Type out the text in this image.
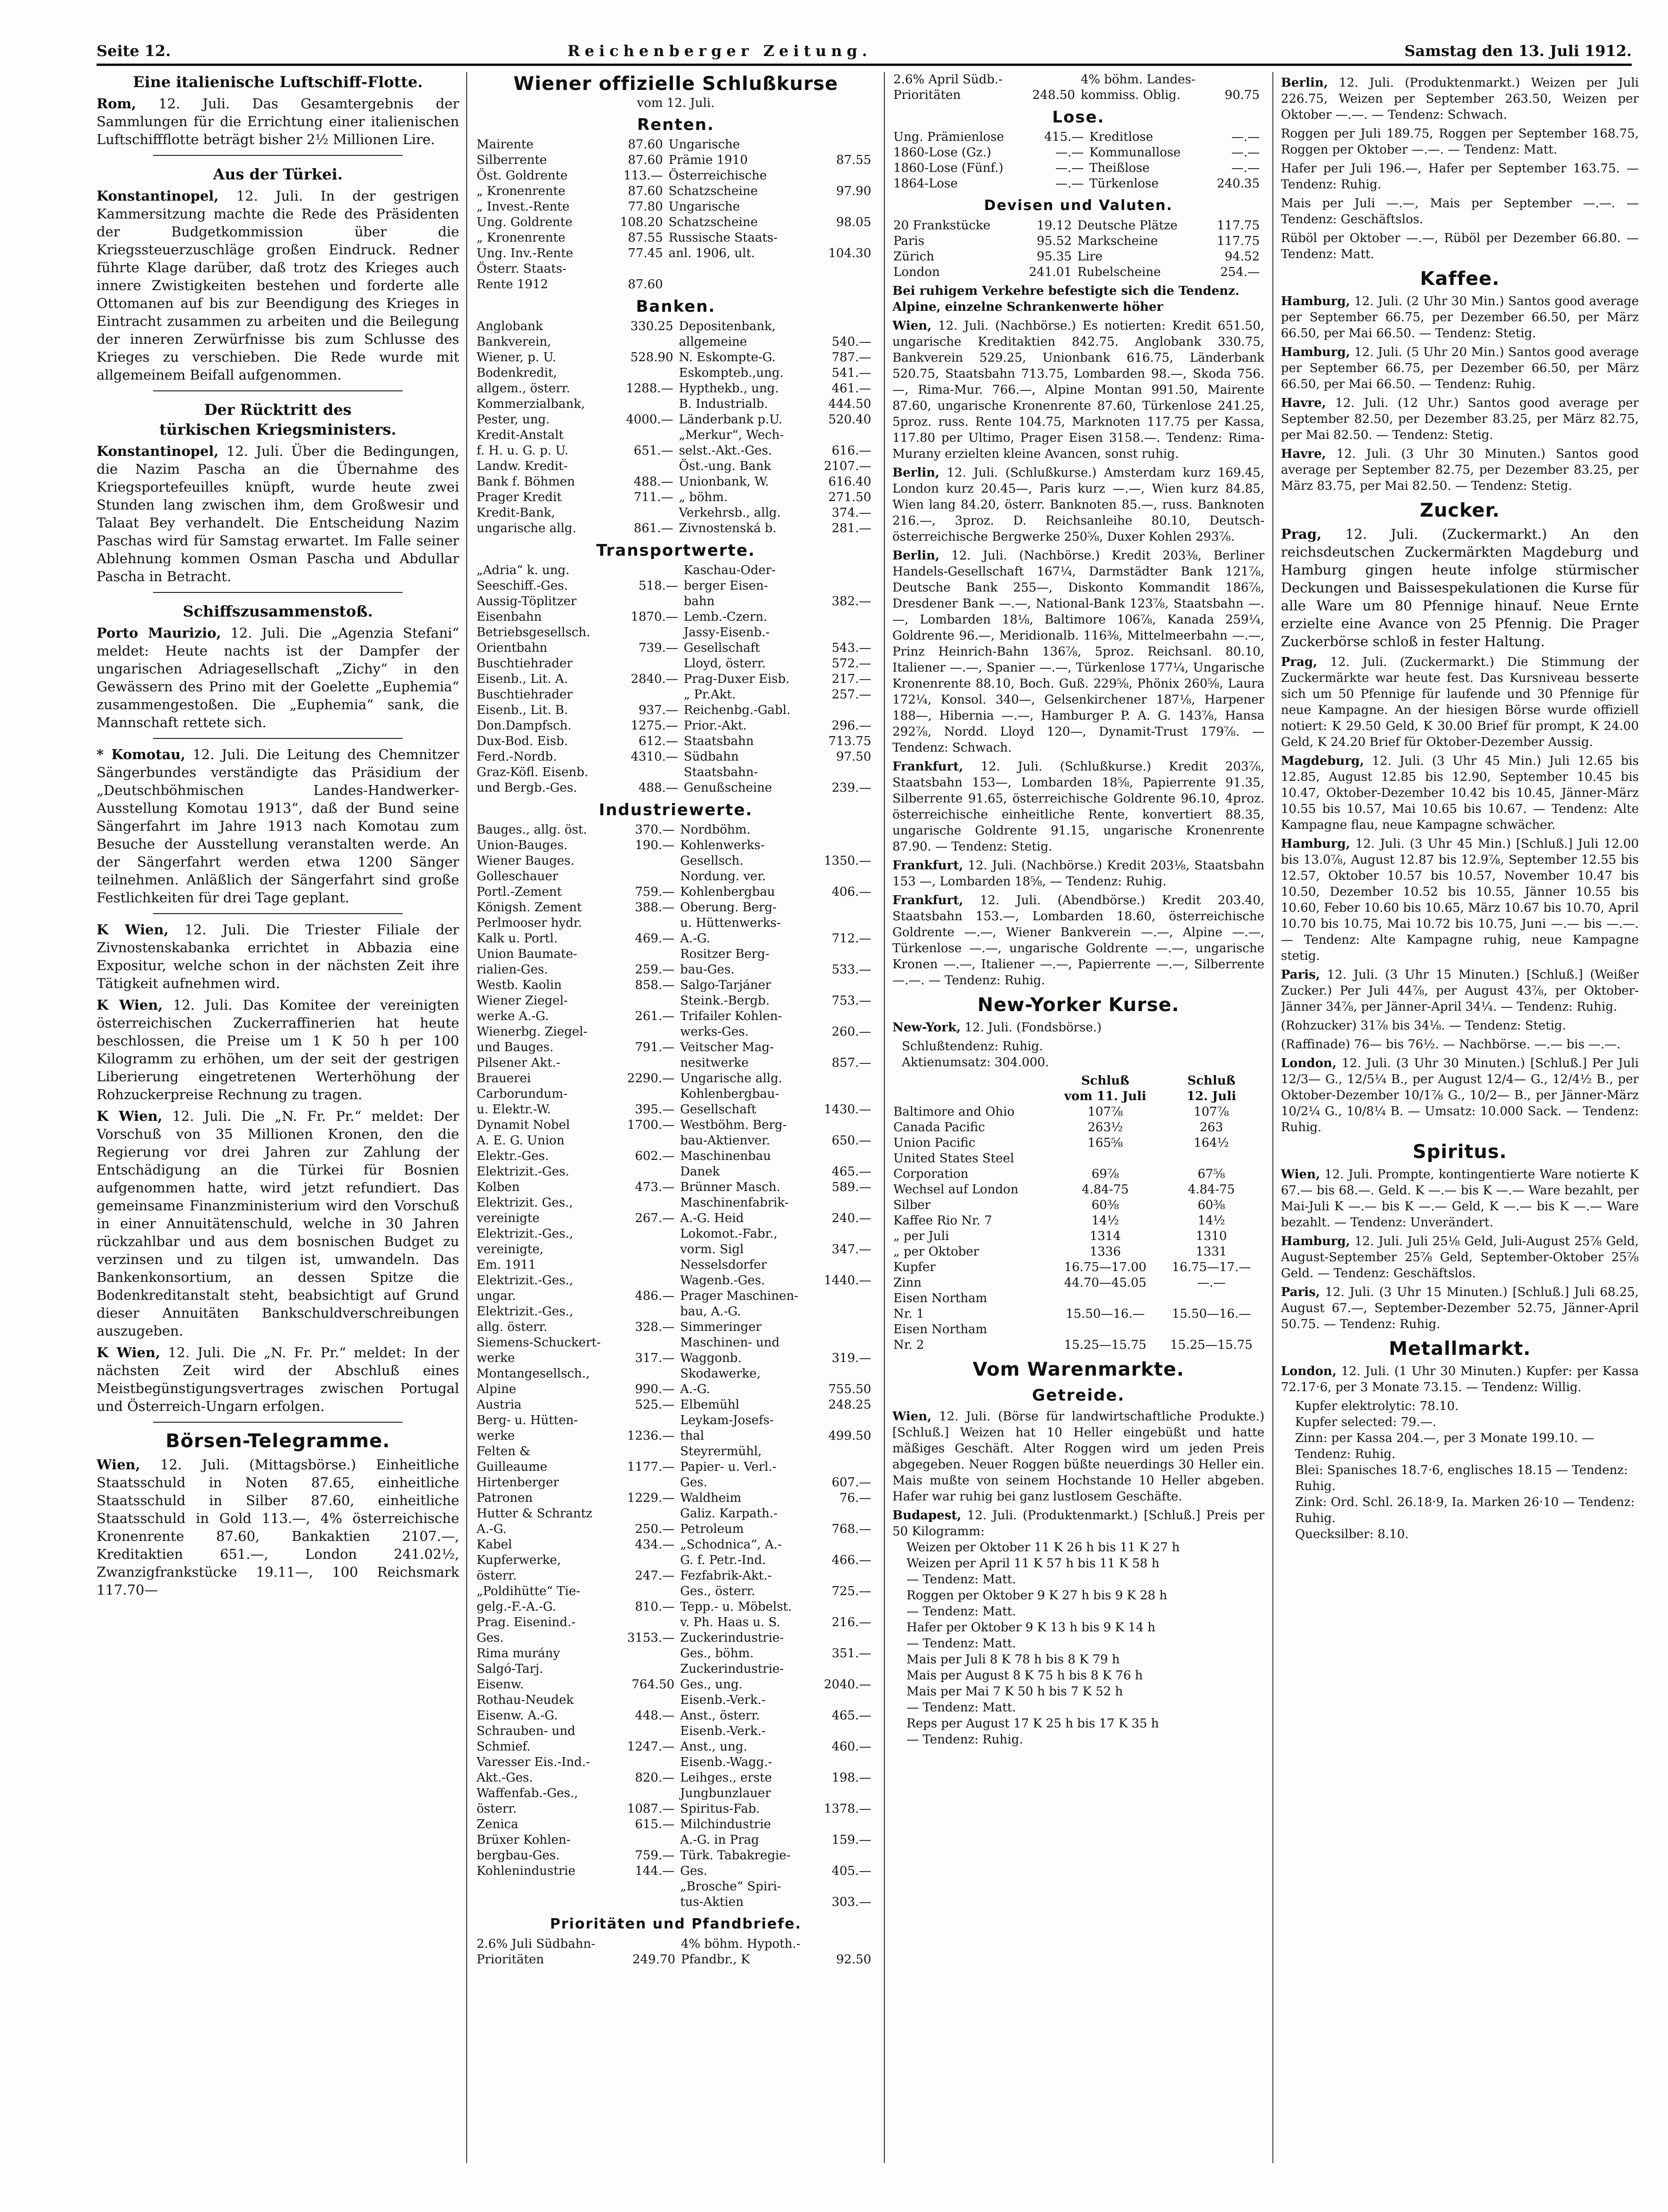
Seite 12.	Reichenberger Zeitung.	Samstag den 13. Juli 1912.
Eine italienische Luftschiff-Flotte.
Rom, 12. Juli. Das Gesamtergebnis der Sammlungen für die Errichtung einer italienischen Luftschiffflotte beträgt bisher 2½ Millionen Lire.
Aus der Türkei.
Konstantinopel, 12. Juli. In der gestrigen Kammersitzung machte die Rede des Präsidenten der Budgetkommission über die Kriegssteuerzuschläge großen Eindruck. Redner führte Klage darüber, daß trotz des Krieges auch innere Zwistigkeiten bestehen und forderte alle Ottomanen auf bis zur Beendigung des Krieges in Eintracht zusammen zu arbeiten und die Beilegung der inneren Zerwürfnisse bis zum Schlusse des Krieges zu verschieben. Die Rede wurde mit allgemeinem Beifall aufgenommen.
Der Rücktritt des
türkischen Kriegsministers.
Konstantinopel, 12. Juli. Über die Bedingungen, die Nazim Pascha an die Übernahme des Kriegsportefeuilles knüpft, wurde heute zwei Stunden lang zwischen ihm, dem Großwesir und Talaat Bey verhandelt. Die Entscheidung Nazim Paschas wird für Samstag erwartet. Im Falle seiner Ablehnung kommen Osman Pascha und Abdullar Pascha in Betracht.
Schiffszusammenstoß.
Porto Maurizio, 12. Juli. Die „Agenzia Stefani“ meldet: Heute nachts ist der Dampfer der ungarischen Adriagesellschaft „Zichy“ in den Gewässern des Prino mit der Goelette „Euphemia“ zusammengestoßen. Die „Euphemia“ sank, die Mannschaft rettete sich.
* Komotau, 12. Juli. Die Leitung des Chemnitzer Sängerbundes verständigte das Präsidium der „Deutschböhmischen Landes-Handwerker-Ausstellung Komotau 1913“, daß der Bund seine Sängerfahrt im Jahre 1913 nach Komotau zum Besuche der Ausstellung veranstalten werde. An der Sängerfahrt werden etwa 1200 Sänger teilnehmen. Anläßlich der Sängerfahrt sind große Festlichkeiten für drei Tage geplant.
K Wien, 12. Juli. Die Triester Filiale der Zivnostenskabanka errichtet in Abbazia eine Expositur, welche schon in der nächsten Zeit ihre Tätigkeit aufnehmen wird.
K Wien, 12. Juli. Das Komitee der vereinigten österreichischen Zuckerraffinerien hat heute beschlossen, die Preise um 1 K 50 h per 100 Kilogramm zu erhöhen, um der seit der gestrigen Liberierung eingetretenen Werterhöhung der Rohzuckerpreise Rechnung zu tragen.
K Wien, 12. Juli. Die „N. Fr. Pr.“ meldet: Der Vorschuß von 35 Millionen Kronen, den die Regierung vor drei Jahren zur Zahlung der Entschädigung an die Türkei für Bosnien aufgenommen hatte, wird jetzt refundiert. Das gemeinsame Finanzministerium wird den Vorschuß in einer Annuitätenschuld, welche in 30 Jahren rückzahlbar und aus dem bosnischen Budget zu verzinsen und zu tilgen ist, umwandeln. Das Bankenkonsortium, an dessen Spitze die Bodenkreditanstalt steht, beabsichtigt auf Grund dieser Annuitäten Bankschuldverschreibungen auszugeben.
K Wien, 12. Juli. Die „N. Fr. Pr.“ meldet: In der nächsten Zeit wird der Abschluß eines Meistbegünstigungsvertrages zwischen Portugal und Österreich-Ungarn erfolgen.
Börsen-Telegramme.
Wien, 12. Juli. (Mittagsbörse.) Einheitliche Staatsschuld in Noten 87.65, einheitliche Staatsschuld in Silber 87.60, einheitliche Staatsschuld in Gold 113.—, 4% österreichische Kronenrente 87.60, Bankaktien 2107.—, Kreditaktien 651.—, London 241.02½, Zwanzigfrankstücke 19.11—, 100 Reichsmark 117.70—
Wiener offizielle Schlußkurse
vom 12. Juli.
Renten.
Mairente	87.60	Ungarische	
Silberrente	87.60	Prämie 1910	87.55
Öst. Goldrente	113.—	Österreichische	
„ Kronenrente	87.60	Schatzscheine	97.90
„ Invest.-Rente	77.80	Ungarische	
Ung. Goldrente	108.20	Schatzscheine	98.05
„ Kronenrente	87.55	Russische Staats-	
Ung. Inv.-Rente	77.45	anl. 1906, ult.	104.30
Österr. Staats-			
Rente 1912	87.60		
Banken.
Anglobank	330.25	Depositenbank,	
Bankverein,		allgemeine	540.—
Wiener, p. U.	528.90	N. Eskompte-G.	787.—
Bodenkredit,		Eskompteb.,ung.	541.—
allgem., österr.	1288.—	Hypthekb., ung.	461.—
Kommerzialbank,		B. Industrialb.	444.50
Pester, ung.	4000.—	Länderbank p.U.	520.40
Kredit-Anstalt		„Merkur“, Wech-	
f. H. u. G. p. U.	651.—	selst.-Akt.-Ges.	616.—
Landw. Kredit-		Öst.-ung. Bank	2107.—
Bank f. Böhmen	488.—	Unionbank, W.	616.40
Prager Kredit	711.—	„ böhm.	271.50
Kredit-Bank,		Verkehrsb., allg.	374.—
ungarische allg.	861.—	Zivnostenská b.	281.—
Transportwerte.
„Adria“ k. ung.		Kaschau-Oder-	
Seeschiff.-Ges.	518.—	berger Eisen-	
Aussig-Töplitzer		bahn	382.—
Eisenbahn	1870.—	Lemb.-Czern.	
Betriebsgesellsch.		Jassy-Eisenb.-	
Orientbahn	739.—	Gesellschaft	543.—
Buschtiehrader		Lloyd, österr.	572.—
Eisenb., Lit. A.	2840.—	Prag-Duxer Eisb.	217.—
Buschtiehrader		„ Pr.Akt.	257.—
Eisenb., Lit. B.	937.—	Reichenbg.-Gabl.	
Don.Dampfsch.	1275.—	Prior.-Akt.	296.—
Dux-Bod. Eisb.	612.—	Staatsbahn	713.75
Ferd.-Nordb.	4310.—	Südbahn	97.50
Graz-Köfl. Eisenb.		Staatsbahn-	
und Bergb.-Ges.	488.—	Genußscheine	239.—
Industriewerte.
Bauges., allg. öst.	370.—	Nordböhm.	
Union-Bauges.	190.—	Kohlenwerks-	
Wiener Bauges.		Gesellsch.	1350.—
Golleschauer		Nordung. ver.	
Portl.-Zement	759.—	Kohlenbergbau	406.—
Königsh. Zement	388.—	Oberung. Berg-	
Perlmooser hydr.		u. Hüttenwerks-	
Kalk u. Portl.	469.—	A.-G.	712.—
Union Baumate-		Rositzer Berg-	
rialien-Ges.	259.—	bau-Ges.	533.—
Westb. Kaolin	858.—	Salgo-Tarjáner	
Wiener Ziegel-		Steink.-Bergb.	753.—
werke A.-G.	261.—	Trifailer Kohlen-	
Wienerbg. Ziegel-		werks-Ges.	260.—
und Bauges.	791.—	Veitscher Mag-	
Pilsener Akt.-		nesitwerke	857.—
Brauerei	2290.—	Ungarische allg.	
Carborundum-		Kohlenbergbau-	
u. Elektr.-W.	395.—	Gesellschaft	1430.—
Dynamit Nobel	1700.—	Westböhm. Berg-	
A. E. G. Union		bau-Aktienver.	650.—
Elektr.-Ges.	602.—	Maschinenbau	
Elektrizit.-Ges.		Danek	465.—
Kolben	473.—	Brünner Masch.	589.—
Elektrizit. Ges.,		Maschinenfabrik-	
vereinigte	267.—	A.-G. Heid	240.—
Elektrizit.-Ges.,		Lokomot.-Fabr.,	
vereinigte,		vorm. Sigl	347.—
Em. 1911		Nesselsdorfer	
Elektrizit.-Ges.,		Wagenb.-Ges.	1440.—
ungar.	486.—	Prager Maschinen-	
Elektrizit.-Ges.,		bau, A.-G.	
allg. österr.	328.—	Simmeringer	
Siemens-Schuckert-		Maschinen- und	
werke	317.—	Waggonb.	319.—
Montangesellsch.,		Skodawerke,	
Alpine	990.—	A.-G.	755.50
Austria	525.—	Elbemühl	248.25
Berg- u. Hütten-		Leykam-Josefs-	
werke	1236.—	thal	499.50
Felten &		Steyrermühl,	
Guilleaume	1177.—	Papier- u. Verl.-	
Hirtenberger		Ges.	607.—
Patronen	1229.—	Waldheim	76.—
Hutter & Schrantz		Galiz. Karpath.-	
A.-G.	250.—	Petroleum	768.—
Kabel	434.—	„Schodnica“, A.-	
Kupferwerke,		G. f. Petr.-Ind.	466.—
österr.	247.—	Fezfabrik-Akt.-	
„Poldihütte“ Tie-		Ges., österr.	725.—
gelg.-F.-A.-G.	810.—	Tepp.- u. Möbelst.	
Prag. Eisenind.-		v. Ph. Haas u. S.	216.—
Ges.	3153.—	Zuckerindustrie-	
Rima murány		Ges., böhm.	351.—
Salgó-Tarj.		Zuckerindustrie-	
Eisenw.	764.50	Ges., ung.	2040.—
Rothau-Neudek		Eisenb.-Verk.-	
Eisenw. A.-G.	448.—	Anst., österr.	465.—
Schrauben- und		Eisenb.-Verk.-	
Schmief.	1247.—	Anst., ung.	460.—
Varesser Eis.-Ind.-		Eisenb.-Wagg.-	
Akt.-Ges.	820.—	Leihges., erste	198.—
Waffenfab.-Ges.,		Jungbunzlauer	
österr.	1087.—	Spiritus-Fab.	1378.—
Zenica	615.—	Milchindustrie	
Brüxer Kohlen-		A.-G. in Prag	159.—
bergbau-Ges.	759.—	Türk. Tabakregie-	
Kohlenindustrie	144.—	Ges.	405.—
		„Brosche“ Spiri-	
		tus-Aktien	303.—
Prioritäten und Pfandbriefe.
2.6% Juli Südbahn-		4% böhm. Hypoth.-	
Prioritäten	249.70	Pfandbr., K	92.50
2.6% April Südb.-		4% böhm. Landes-	
Prioritäten	248.50	kommiss. Oblig.	90.75
Lose.
Ung. Prämienlose	415.—	Kreditlose	—.—
1860-Lose (Gz.)	—.—	Kommunallose	—.—
1860-Lose (Fünf.)	—.—	Theißlose	—.—
1864-Lose	—.—	Türkenlose	240.35
Devisen und Valuten.
20 Frankstücke	19.12	Deutsche Plätze	117.75
Paris	95.52	Markscheine	117.75
Zürich	95.35	Lire	94.52
London	241.01	Rubelscheine	254.—
Bei ruhigem Verkehre befestigte sich die Tendenz. Alpine, einzelne Schrankenwerte höher
Wien, 12. Juli. (Nachbörse.) Es notierten: Kredit 651.50, ungarische Kreditaktien 842.75. Anglobank 330.75, Bankverein 529.25, Unionbank 616.75, Länderbank 520.75, Staatsbahn 713.75, Lombarden 98.—, Skoda 756.—, Rima-Mur. 766.—, Alpine Montan 991.50, Mairente 87.60, ungarische Kronenrente 87.60, Türkenlose 241.25, 5proz. russ. Rente 104.75, Marknoten 117.75 per Kassa, 117.80 per Ultimo, Prager Eisen 3158.—. Tendenz: Rima-Murany erzielten kleine Avancen, sonst ruhig.
Berlin, 12. Juli. (Schlußkurse.) Amsterdam kurz 169.45, London kurz 20.45—, Paris kurz —.—, Wien kurz 84.85, Wien lang 84.20, österr. Banknoten 85.—, russ. Banknoten 216.—, 3proz. D. Reichsanleihe 80.10, Deutsch-österreichische Bergwerke 250⅝, Duxer Kohlen 293⅞.
Berlin, 12. Juli. (Nachbörse.) Kredit 203⅜, Berliner Handels-Gesellschaft 167¼, Darmstädter Bank 121⅞, Deutsche Bank 255—, Diskonto Kommandit 186⅞, Dresdener Bank —.—, National-Bank 123⅞, Staatsbahn —.—, Lombarden 18⅛, Baltimore 106⅞, Kanada 259¼, Goldrente 96.—, Meridionalb. 116⅜, Mittelmeerbahn —.—, Prinz Heinrich-Bahn 136⅞, 5proz. Reichsanl. 80.10, Italiener —.—, Spanier —.—, Türkenlose 177¼, Ungarische Kronenrente 88.10, Boch. Guß. 229⅝, Phönix 260⅝, Laura 172¼, Konsol. 340—, Gelsenkirchener 187⅛, Harpener 188—, Hibernia —.—, Hamburger P. A. G. 143⅞, Hansa 292⅞, Nordd. Lloyd 120—, Dynamit-Trust 179⅞. — Tendenz: Schwach.
Frankfurt, 12. Juli. (Schlußkurse.) Kredit 203⅞, Staatsbahn 153—, Lombarden 18⅝, Papierrente 91.35, Silberrente 91.65, österreichische Goldrente 96.10, 4proz. österreichische einheitliche Rente, konvertiert 88.35, ungarische Goldrente 91.15, ungarische Kronenrente 87.90. — Tendenz: Stetig.
Frankfurt, 12. Juli. (Nachbörse.) Kredit 203⅛, Staatsbahn 153 —, Lombarden 18⅝, — Tendenz: Ruhig.
Frankfurt, 12. Juli. (Abendbörse.) Kredit 203.40, Staatsbahn 153.—, Lombarden 18.60, österreichische Goldrente —.—, Wiener Bankverein —.—, Alpine —.—, Türkenlose —.—, ungarische Goldrente —.—, ungarische Kronen —.—, Italiener —.—, Papierrente —.—, Silberrente —.—. — Tendenz: Ruhig.
New-Yorker Kurse.
New-York, 12. Juli. (Fondsbörse.)
Schlußtendenz: Ruhig.
Aktienumsatz: 304.000.
	Schluß	Schluß
	vom 11. Juli	12. Juli
Baltimore and Ohio	107⅞	107⅞
Canada Pacific	263½	263
Union Pacific	165⅝	164½
United States Steel		
Corporation	69⅞	67⅝
Wechsel auf London	4.84-75	4.84-75
Silber	60⅜	60⅜
Kaffee Rio Nr. 7	14½	14½
„ per Juli	1314	1310
„ per Oktober	1336	1331
Kupfer	16.75—17.00	16.75—17.—
Zinn	44.70—45.05	—.—
Eisen Northam		
Nr. 1	15.50—16.—	15.50—16.—
Eisen Northam		
Nr. 2	15.25—15.75	15.25—15.75
Vom Warenmarkte.
Getreide.
Wien, 12. Juli. (Börse für landwirtschaftliche Produkte.) [Schluß.] Weizen hat 10 Heller eingebüßt und hatte mäßiges Geschäft. Alter Roggen wird um jeden Preis abgegeben. Neuer Roggen büßte neuerdings 30 Heller ein. Mais mußte von seinem Hochstande 10 Heller abgeben. Hafer war ruhig bei ganz lustlosem Geschäfte.
Budapest, 12. Juli. (Produktenmarkt.) [Schluß.] Preis per 50 Kilogramm:
Weizen per Oktober 11 K 26 h bis 11 K 27 h
Weizen per April 11 K 57 h bis 11 K 58 h
— Tendenz: Matt.
Roggen per Oktober 9 K 27 h bis 9 K 28 h
— Tendenz: Matt.
Hafer per Oktober 9 K 13 h bis 9 K 14 h
— Tendenz: Matt.
Mais per Juli 8 K 78 h bis 8 K 79 h
Mais per August 8 K 75 h bis 8 K 76 h
Mais per Mai 7 K 50 h bis 7 K 52 h
— Tendenz: Matt.
Reps per August 17 K 25 h bis 17 K 35 h
— Tendenz: Ruhig.
Berlin, 12. Juli. (Produktenmarkt.) Weizen per Juli 226.75, Weizen per September 263.50, Weizen per Oktober —.—. — Tendenz: Schwach.
Roggen per Juli 189.75, Roggen per September 168.75, Roggen per Oktober —.—. — Tendenz: Matt.
Hafer per Juli 196.—, Hafer per September 163.75. — Tendenz: Ruhig.
Mais per Juli —.—, Mais per September —.—. — Tendenz: Geschäftslos.
Rüböl per Oktober —.—, Rüböl per Dezember 66.80. — Tendenz: Matt.
Kaffee.
Hamburg, 12. Juli. (2 Uhr 30 Min.) Santos good average per September 66.75, per Dezember 66.50, per März 66.50, per Mai 66.50. — Tendenz: Stetig.
Hamburg, 12. Juli. (5 Uhr 20 Min.) Santos good average per September 66.75, per Dezember 66.50, per März 66.50, per Mai 66.50. — Tendenz: Ruhig.
Havre, 12. Juli. (12 Uhr.) Santos good average per September 82.50, per Dezember 83.25, per März 82.75, per Mai 82.50. — Tendenz: Stetig.
Havre, 12. Juli. (3 Uhr 30 Minuten.) Santos good average per September 82.75, per Dezember 83.25, per März 83.75, per Mai 82.50. — Tendenz: Stetig.
Zucker.
Prag, 12. Juli. (Zuckermarkt.) An den reichsdeutschen Zuckermärkten Magdeburg und Hamburg gingen heute infolge stürmischer Deckungen und Baissespekulationen die Kurse für alle Ware um 80 Pfennige hinauf. Neue Ernte erzielte eine Avance von 25 Pfennig. Die Prager Zuckerbörse schloß in fester Haltung.
Prag, 12. Juli. (Zuckermarkt.) Die Stimmung der Zuckermärkte war heute fest. Das Kursniveau besserte sich um 50 Pfennige für laufende und 30 Pfennige für neue Kampagne. An der hiesigen Börse wurde offiziell notiert: K 29.50 Geld, K 30.00 Brief für prompt, K 24.00 Geld, K 24.20 Brief für Oktober-Dezember Aussig.
Magdeburg, 12. Juli. (3 Uhr 45 Min.) Juli 12.65 bis 12.85, August 12.85 bis 12.90, September 10.45 bis 10.47, Oktober-Dezember 10.42 bis 10.45, Jänner-März 10.55 bis 10.57, Mai 10.65 bis 10.67. — Tendenz: Alte Kampagne flau, neue Kampagne schwächer.
Hamburg, 12. Juli. (3 Uhr 45 Min.) [Schluß.] Juli 12.00 bis 13.0⅞, August 12.87 bis 12.9⅞, September 12.55 bis 12.57, Oktober 10.57 bis 10.57, November 10.47 bis 10.50, Dezember 10.52 bis 10.55, Jänner 10.55 bis 10.60, Feber 10.60 bis 10.65, März 10.67 bis 10.70, April 10.70 bis 10.75, Mai 10.72 bis 10.75, Juni —.— bis —.—. — Tendenz: Alte Kampagne ruhig, neue Kampagne stetig.
Paris, 12. Juli. (3 Uhr 15 Minuten.) [Schluß.] (Weißer Zucker.) Per Juli 44⅞, per August 43⅞, per Oktober-Jänner 34⅞, per Jänner-April 34¼. — Tendenz: Ruhig.
(Rohzucker) 31⅞ bis 34⅛. — Tendenz: Stetig.
(Raffinade) 76— bis 76½. — Nachbörse. —.— bis —.—.
London, 12. Juli. (3 Uhr 30 Minuten.) [Schluß.] Per Juli 12/3— G., 12/5¼ B., per August 12/4— G., 12/4½ B., per Oktober-Dezember 10/1⅞ G., 10/2— B., per Jänner-März 10/2¼ G., 10/8¼ B. — Umsatz: 10.000 Sack. — Tendenz: Ruhig.
Spiritus.
Wien, 12. Juli. Prompte, kontingentierte Ware notierte K 67.— bis 68.—. Geld. K —.— bis K —.— Ware bezahlt, per Mai-Juli K —.— bis K —.— Geld, K —.— bis K —.— Ware bezahlt. — Tendenz: Unverändert.
Hamburg, 12. Juli. Juli 25⅛ Geld, Juli-August 25⅞ Geld, August-September 25⅞ Geld, September-Oktober 25⅞ Geld. — Tendenz: Geschäftslos.
Paris, 12. Juli. (3 Uhr 15 Minuten.) [Schluß.] Juli 68.25, August 67.—, September-Dezember 52.75, Jänner-April 50.75. — Tendenz: Ruhig.
Metallmarkt.
London, 12. Juli. (1 Uhr 30 Minuten.) Kupfer: per Kassa 72.17·6, per 3 Monate 73.15. — Tendenz: Willig.
Kupfer elektrolytic: 78.10.
Kupfer selected: 79.—.
Zinn: per Kassa 204.—, per 3 Monate 199.10. — Tendenz: Ruhig.
Blei: Spanisches 18.7·6, englisches 18.15 — Tendenz: Ruhig.
Zink: Ord. Schl. 26.18·9, Ia. Marken 26·10 — Tendenz: Ruhig.
Quecksilber: 8.10.
